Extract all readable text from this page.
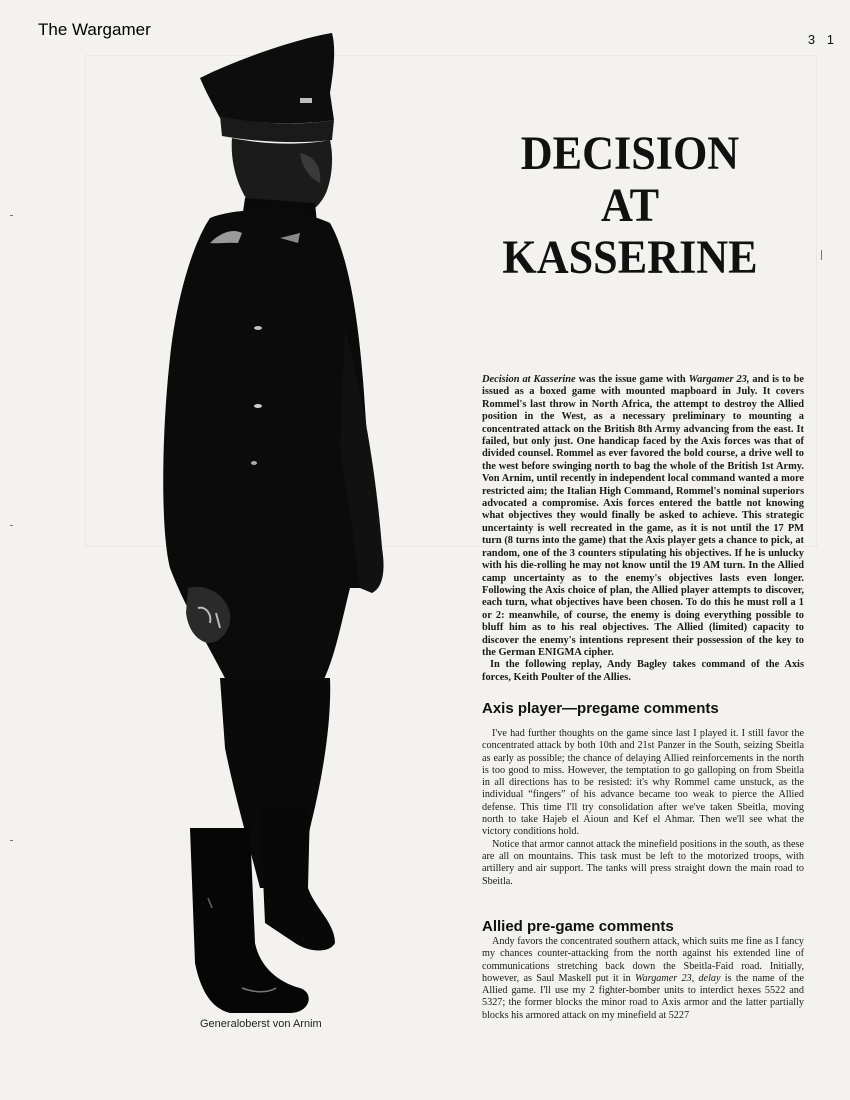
The Wargamer
3 1
Generaloberst von Arnim
DECISION
AT
KASSERINE

Decision at Kasserine was the issue game with Wargamer 23, and is to be issued as a boxed game with mounted mapboard in July. It covers Rommel's last throw in North Africa, the attempt to destroy the Allied position in the West, as a necessary preliminary to mounting a concentrated attack on the British 8th Army advancing from the east. It failed, but only just. One handicap faced by the Axis forces was that of divided counsel. Rommel as ever favored the bold course, a drive well to the west before swinging north to bag the whole of the British 1st Army. Von Arnim, until recently in independent local command wanted a more restricted aim; the Italian High Command, Rommel's nominal superiors advocated a compromise. Axis forces entered the battle not knowing what objectives they would finally be asked to achieve. This strategic uncertainty is well recreated in the game, as it is not until the 17 PM turn (8 turns into the game) that the Axis player gets a chance to pick, at random, one of the 3 counters stipulating his objectives. If he is unlucky with his die-rolling he may not know until the 19 AM turn. In the Allied camp uncertainty as to the enemy's objectives lasts even longer. Following the Axis choice of plan, the Allied player attempts to discover, each turn, what objectives have been chosen. To do this he must roll a 1 or 2: meanwhile, of course, the enemy is doing everything possible to bluff him as to his real objectives. The Allied (limited) capacity to discover the enemy's intentions represent their possession of the key to the German ENIGMA cipher.

In the following replay, Andy Bagley takes command of the Axis forces, Keith Poulter of the Allies.

Axis player—pregame comments

I've had further thoughts on the game since last I played it. I still favor the concentrated attack by both 10th and 21st Panzer in the South, seizing Sbeitla as early as possible; the chance of delaying Allied reinforcements in the north is too good to miss. However, the temptation to go galloping on from Sbeitla in all directions has to be resisted: it's why Rommel came unstuck, as the individual “fingers” of his advance became too weak to pierce the Allied defense. This time I'll try consolidation after we've taken Sbeitla, moving north to take Hajeb el Aioun and Kef el Ahmar. Then we'll see what the victory conditions hold.

Notice that armor cannot attack the minefield positions in the south, as these are all on mountains. This task must be left to the motorized troops, with artillery and air support. The tanks will press straight down the main road to Sbeitla.

Allied pre-game comments

Andy favors the concentrated southern attack, which suits me fine as I fancy my chances counter-attacking from the north against his extended line of communications stretching back down the Sbeitla-Faid road. Initially, however, as Saul Maskell put it in Wargamer 23, delay is the name of the Allied game. I'll use my 2 fighter-bomber units to interdict hexes 5522 and 5327; the former blocks the minor road to Axis armor and the latter partially blocks his armored attack on my minefield at 5227
